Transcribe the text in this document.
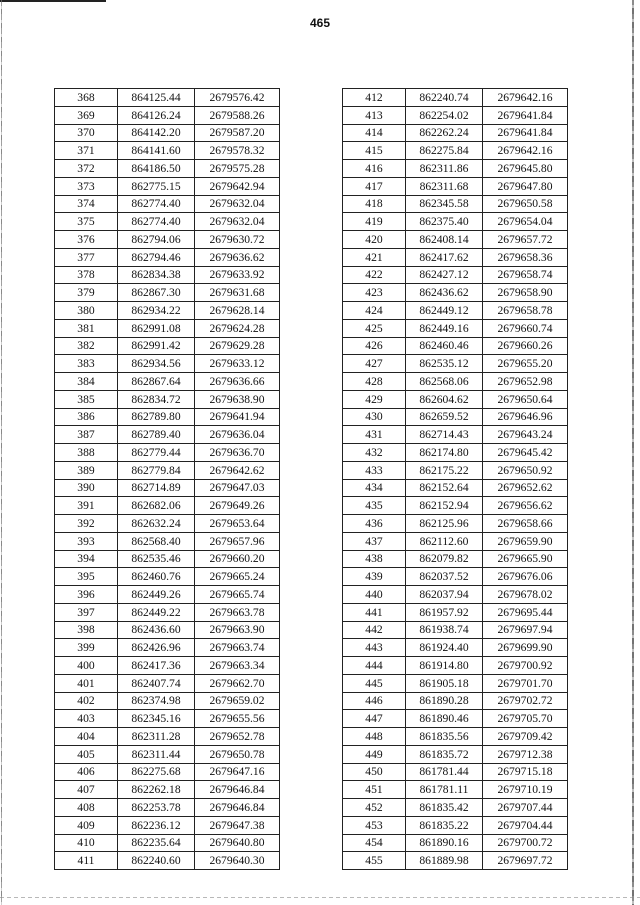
465
368	864125.44	2679576.42
369	864126.24	2679588.26
370	864142.20	2679587.20
371	864141.60	2679578.32
372	864186.50	2679575.28
373	862775.15	2679642.94
374	862774.40	2679632.04
375	862774.40	2679632.04
376	862794.06	2679630.72
377	862794.46	2679636.62
378	862834.38	2679633.92
379	862867.30	2679631.68
380	862934.22	2679628.14
381	862991.08	2679624.28
382	862991.42	2679629.28
383	862934.56	2679633.12
384	862867.64	2679636.66
385	862834.72	2679638.90
386	862789.80	2679641.94
387	862789.40	2679636.04
388	862779.44	2679636.70
389	862779.84	2679642.62
390	862714.89	2679647.03
391	862682.06	2679649.26
392	862632.24	2679653.64
393	862568.40	2679657.96
394	862535.46	2679660.20
395	862460.76	2679665.24
396	862449.26	2679665.74
397	862449.22	2679663.78
398	862436.60	2679663.90
399	862426.96	2679663.74
400	862417.36	2679663.34
401	862407.74	2679662.70
402	862374.98	2679659.02
403	862345.16	2679655.56
404	862311.28	2679652.78
405	862311.44	2679650.78
406	862275.68	2679647.16
407	862262.18	2679646.84
408	862253.78	2679646.84
409	862236.12	2679647.38
410	862235.64	2679640.80
411	862240.60	2679640.30
412	862240.74	2679642.16
413	862254.02	2679641.84
414	862262.24	2679641.84
415	862275.84	2679642.16
416	862311.86	2679645.80
417	862311.68	2679647.80
418	862345.58	2679650.58
419	862375.40	2679654.04
420	862408.14	2679657.72
421	862417.62	2679658.36
422	862427.12	2679658.74
423	862436.62	2679658.90
424	862449.12	2679658.78
425	862449.16	2679660.74
426	862460.46	2679660.26
427	862535.12	2679655.20
428	862568.06	2679652.98
429	862604.62	2679650.64
430	862659.52	2679646.96
431	862714.43	2679643.24
432	862174.80	2679645.42
433	862175.22	2679650.92
434	862152.64	2679652.62
435	862152.94	2679656.62
436	862125.96	2679658.66
437	862112.60	2679659.90
438	862079.82	2679665.90
439	862037.52	2679676.06
440	862037.94	2679678.02
441	861957.92	2679695.44
442	861938.74	2679697.94
443	861924.40	2679699.90
444	861914.80	2679700.92
445	861905.18	2679701.70
446	861890.28	2679702.72
447	861890.46	2679705.70
448	861835.56	2679709.42
449	861835.72	2679712.38
450	861781.44	2679715.18
451	861781.11	2679710.19
452	861835.42	2679707.44
453	861835.22	2679704.44
454	861890.16	2679700.72
455	861889.98	2679697.72
